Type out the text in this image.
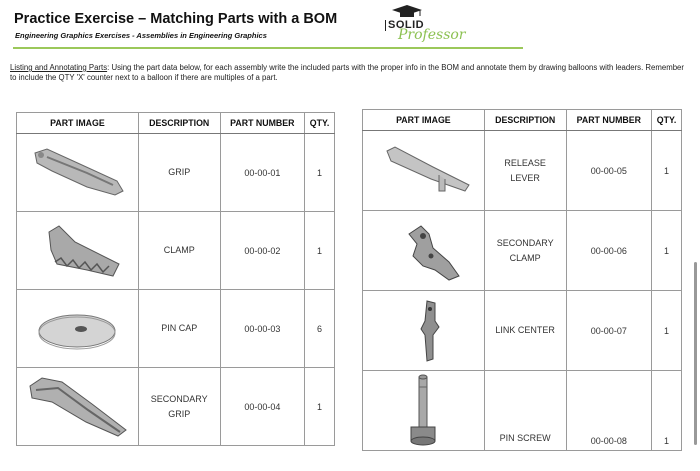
Practice Exercise – Matching Parts with a BOM
Engineering Graphics Exercises - Assemblies in Engineering Graphics
SOLID
Professor
Listing and Annotating Parts: Using the part data below, for each assembly write the included parts with the proper info in the BOM and annotate them by drawing balloons with leaders. Remember to include the QTY 'X' counter next to a balloon if there are multiples of a part.
PART IMAGE	DESCRIPTION	PART NUMBER	QTY.

	GRIP	00-00-01	1

	CLAMP	00-00-02	1

	PIN CAP	00-00-03	6

	SECONDARY
GRIP	00-00-04	1
PART IMAGE	DESCRIPTION	PART NUMBER	QTY.

	RELEASE
LEVER	00-00-05	1

	SECONDARY
CLAMP	00-00-06	1

	LINK CENTER	00-00-07	1

	PIN SCREW	00-00-08	1
